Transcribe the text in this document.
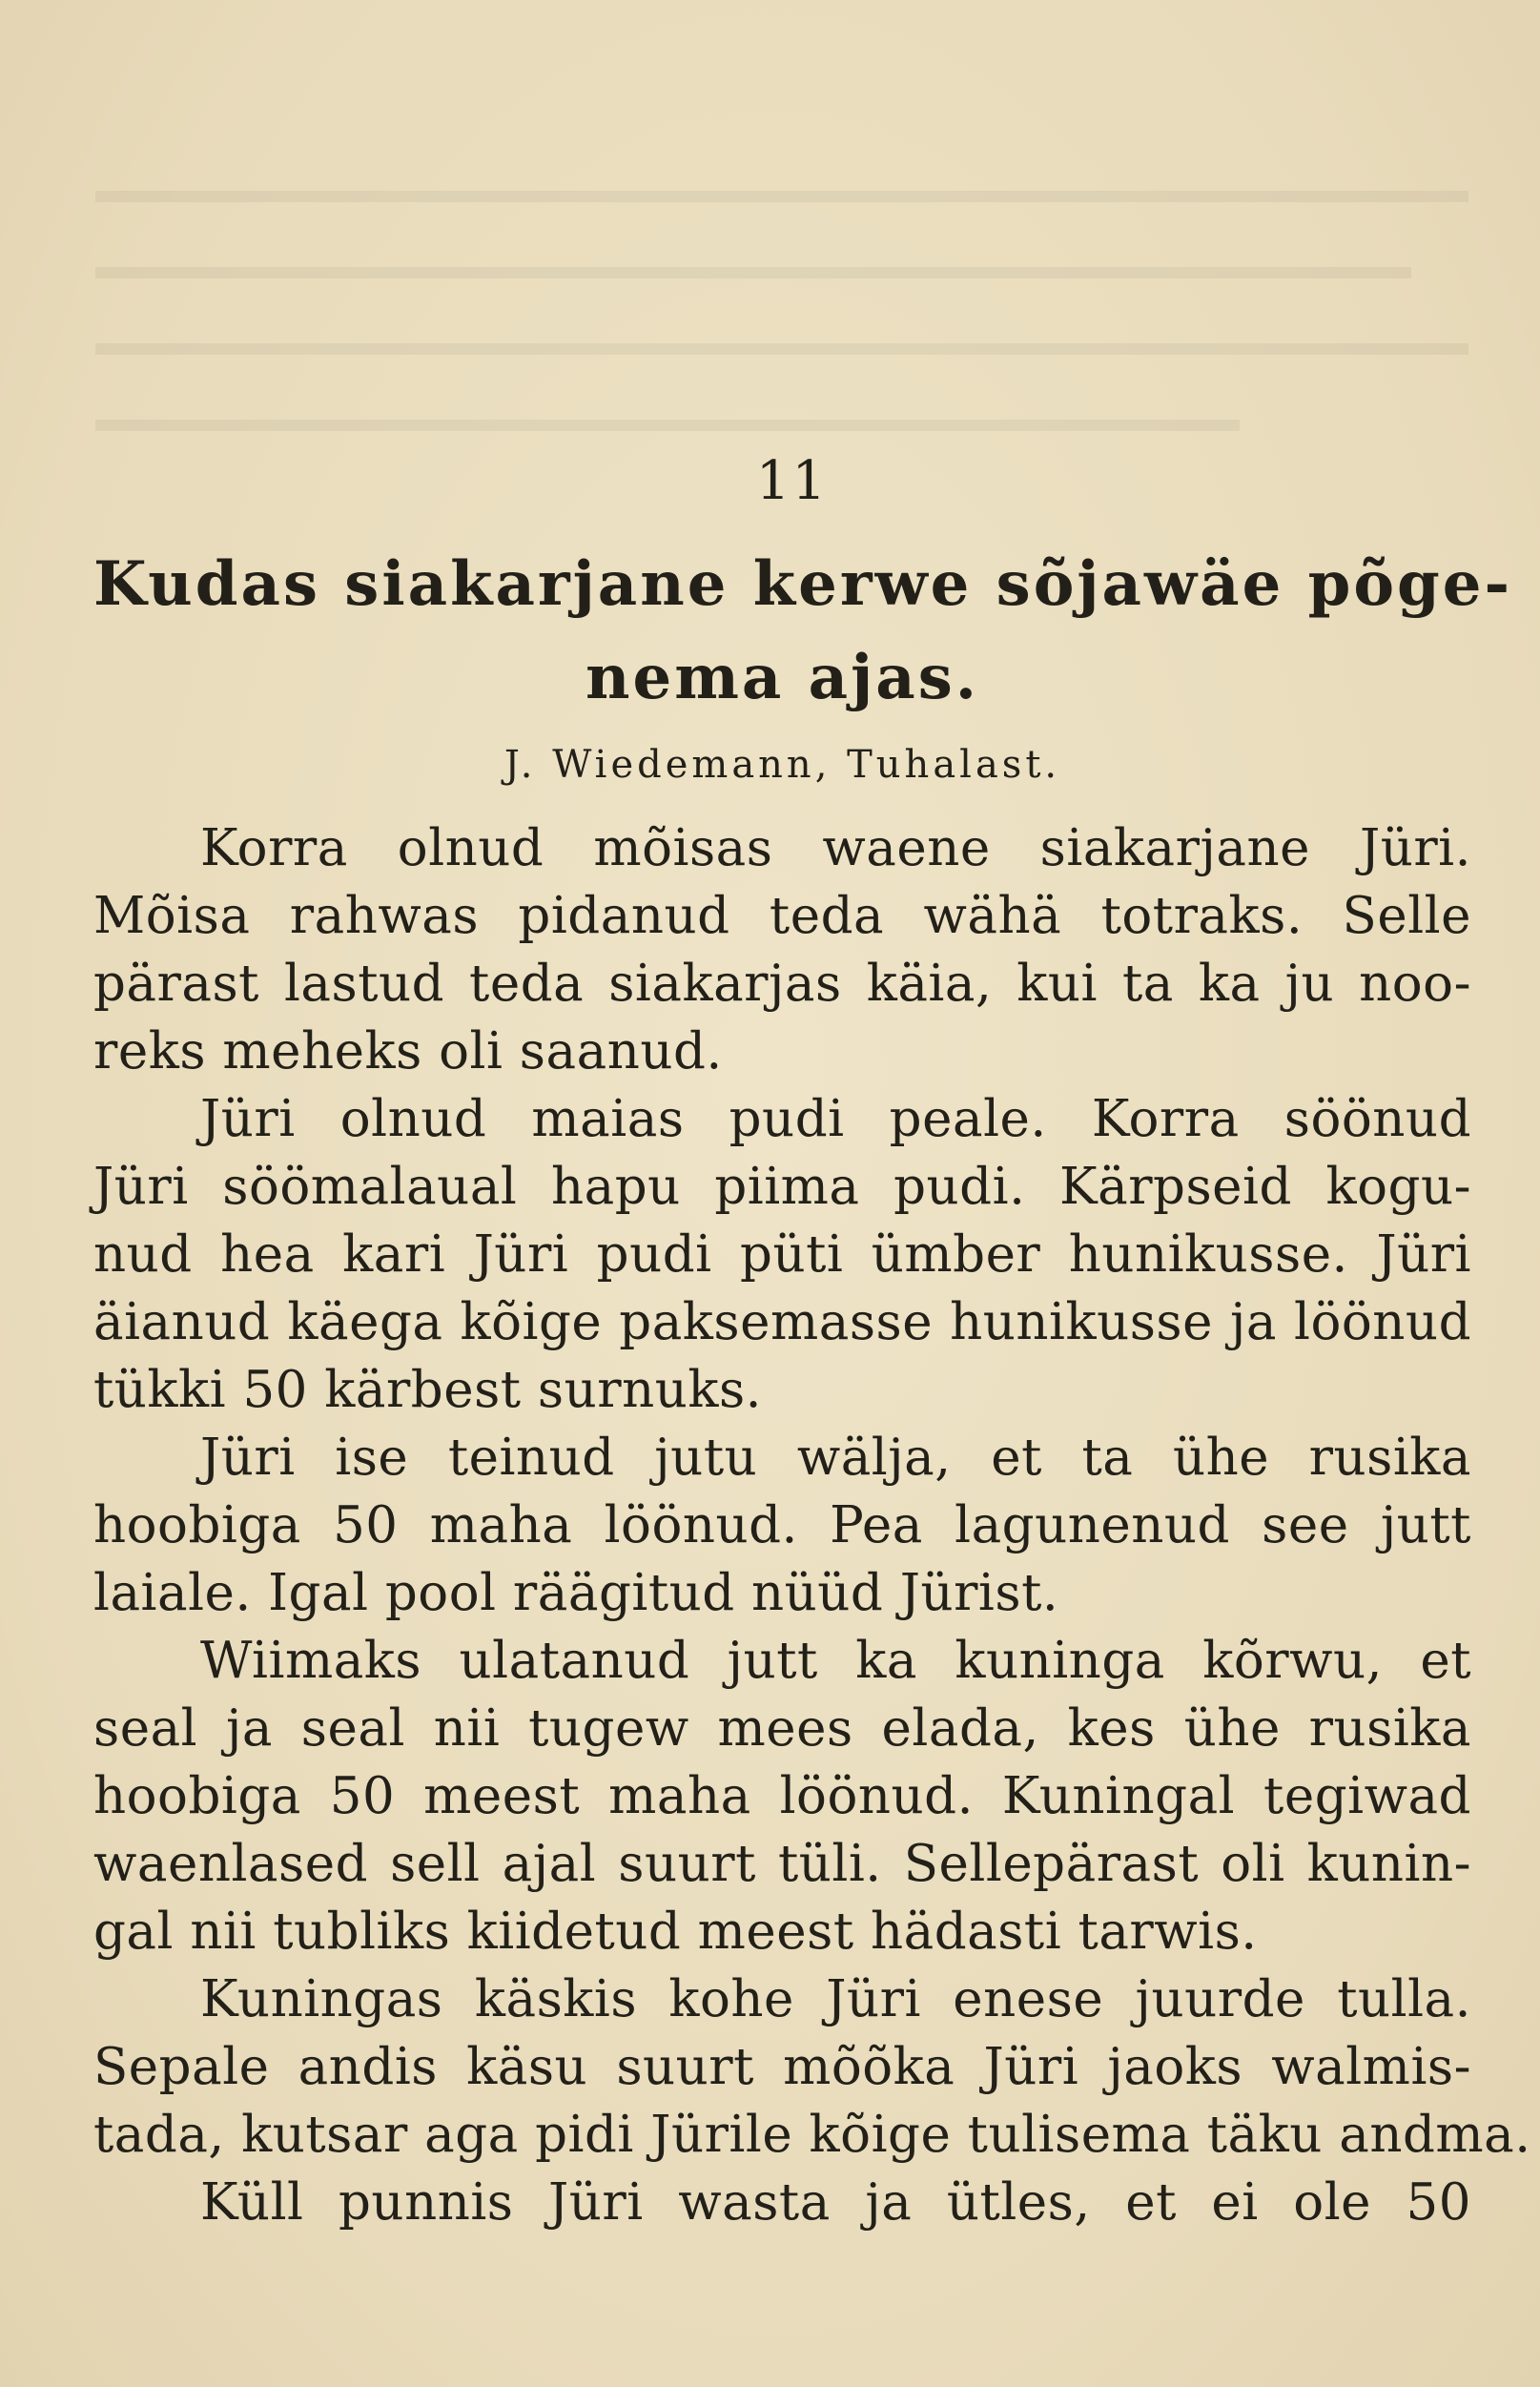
11
Kudas siakarjane kerwe sõjawäe põge-
nema ajas.
J. Wiedemann, Tuhalast.
Korra olnud mõisas waene siakarjane Jüri.
Mõisa rahwas pidanud teda wähä totraks. Selle
pärast lastud teda siakarjas käia, kui ta ka ju noo-
reks meheks oli saanud.
Jüri olnud maias pudi peale. Korra söönud
Jüri söömalaual hapu piima pudi. Kärpseid kogu-
nud hea kari Jüri pudi püti ümber hunikusse. Jüri
äianud käega kõige paksemasse hunikusse ja löönud
tükki 50 kärbest surnuks.
Jüri ise teinud jutu wälja, et ta ühe rusika
hoobiga 50 maha löönud. Pea lagunenud see jutt
laiale. Igal pool räägitud nüüd Jürist.
Wiimaks ulatanud jutt ka kuninga kõrwu, et
seal ja seal nii tugew mees elada, kes ühe rusika
hoobiga 50 meest maha löönud. Kuningal tegiwad
waenlased sell ajal suurt tüli. Sellepärast oli kunin-
gal nii tubliks kiidetud meest hädasti tarwis.
Kuningas käskis kohe Jüri enese juurde tulla.
Sepale andis käsu suurt mõõka Jüri jaoks walmis-
tada, kutsar aga pidi Jürile kõige tulisema täku andma.
Küll punnis Jüri wasta ja ütles, et ei ole 50
